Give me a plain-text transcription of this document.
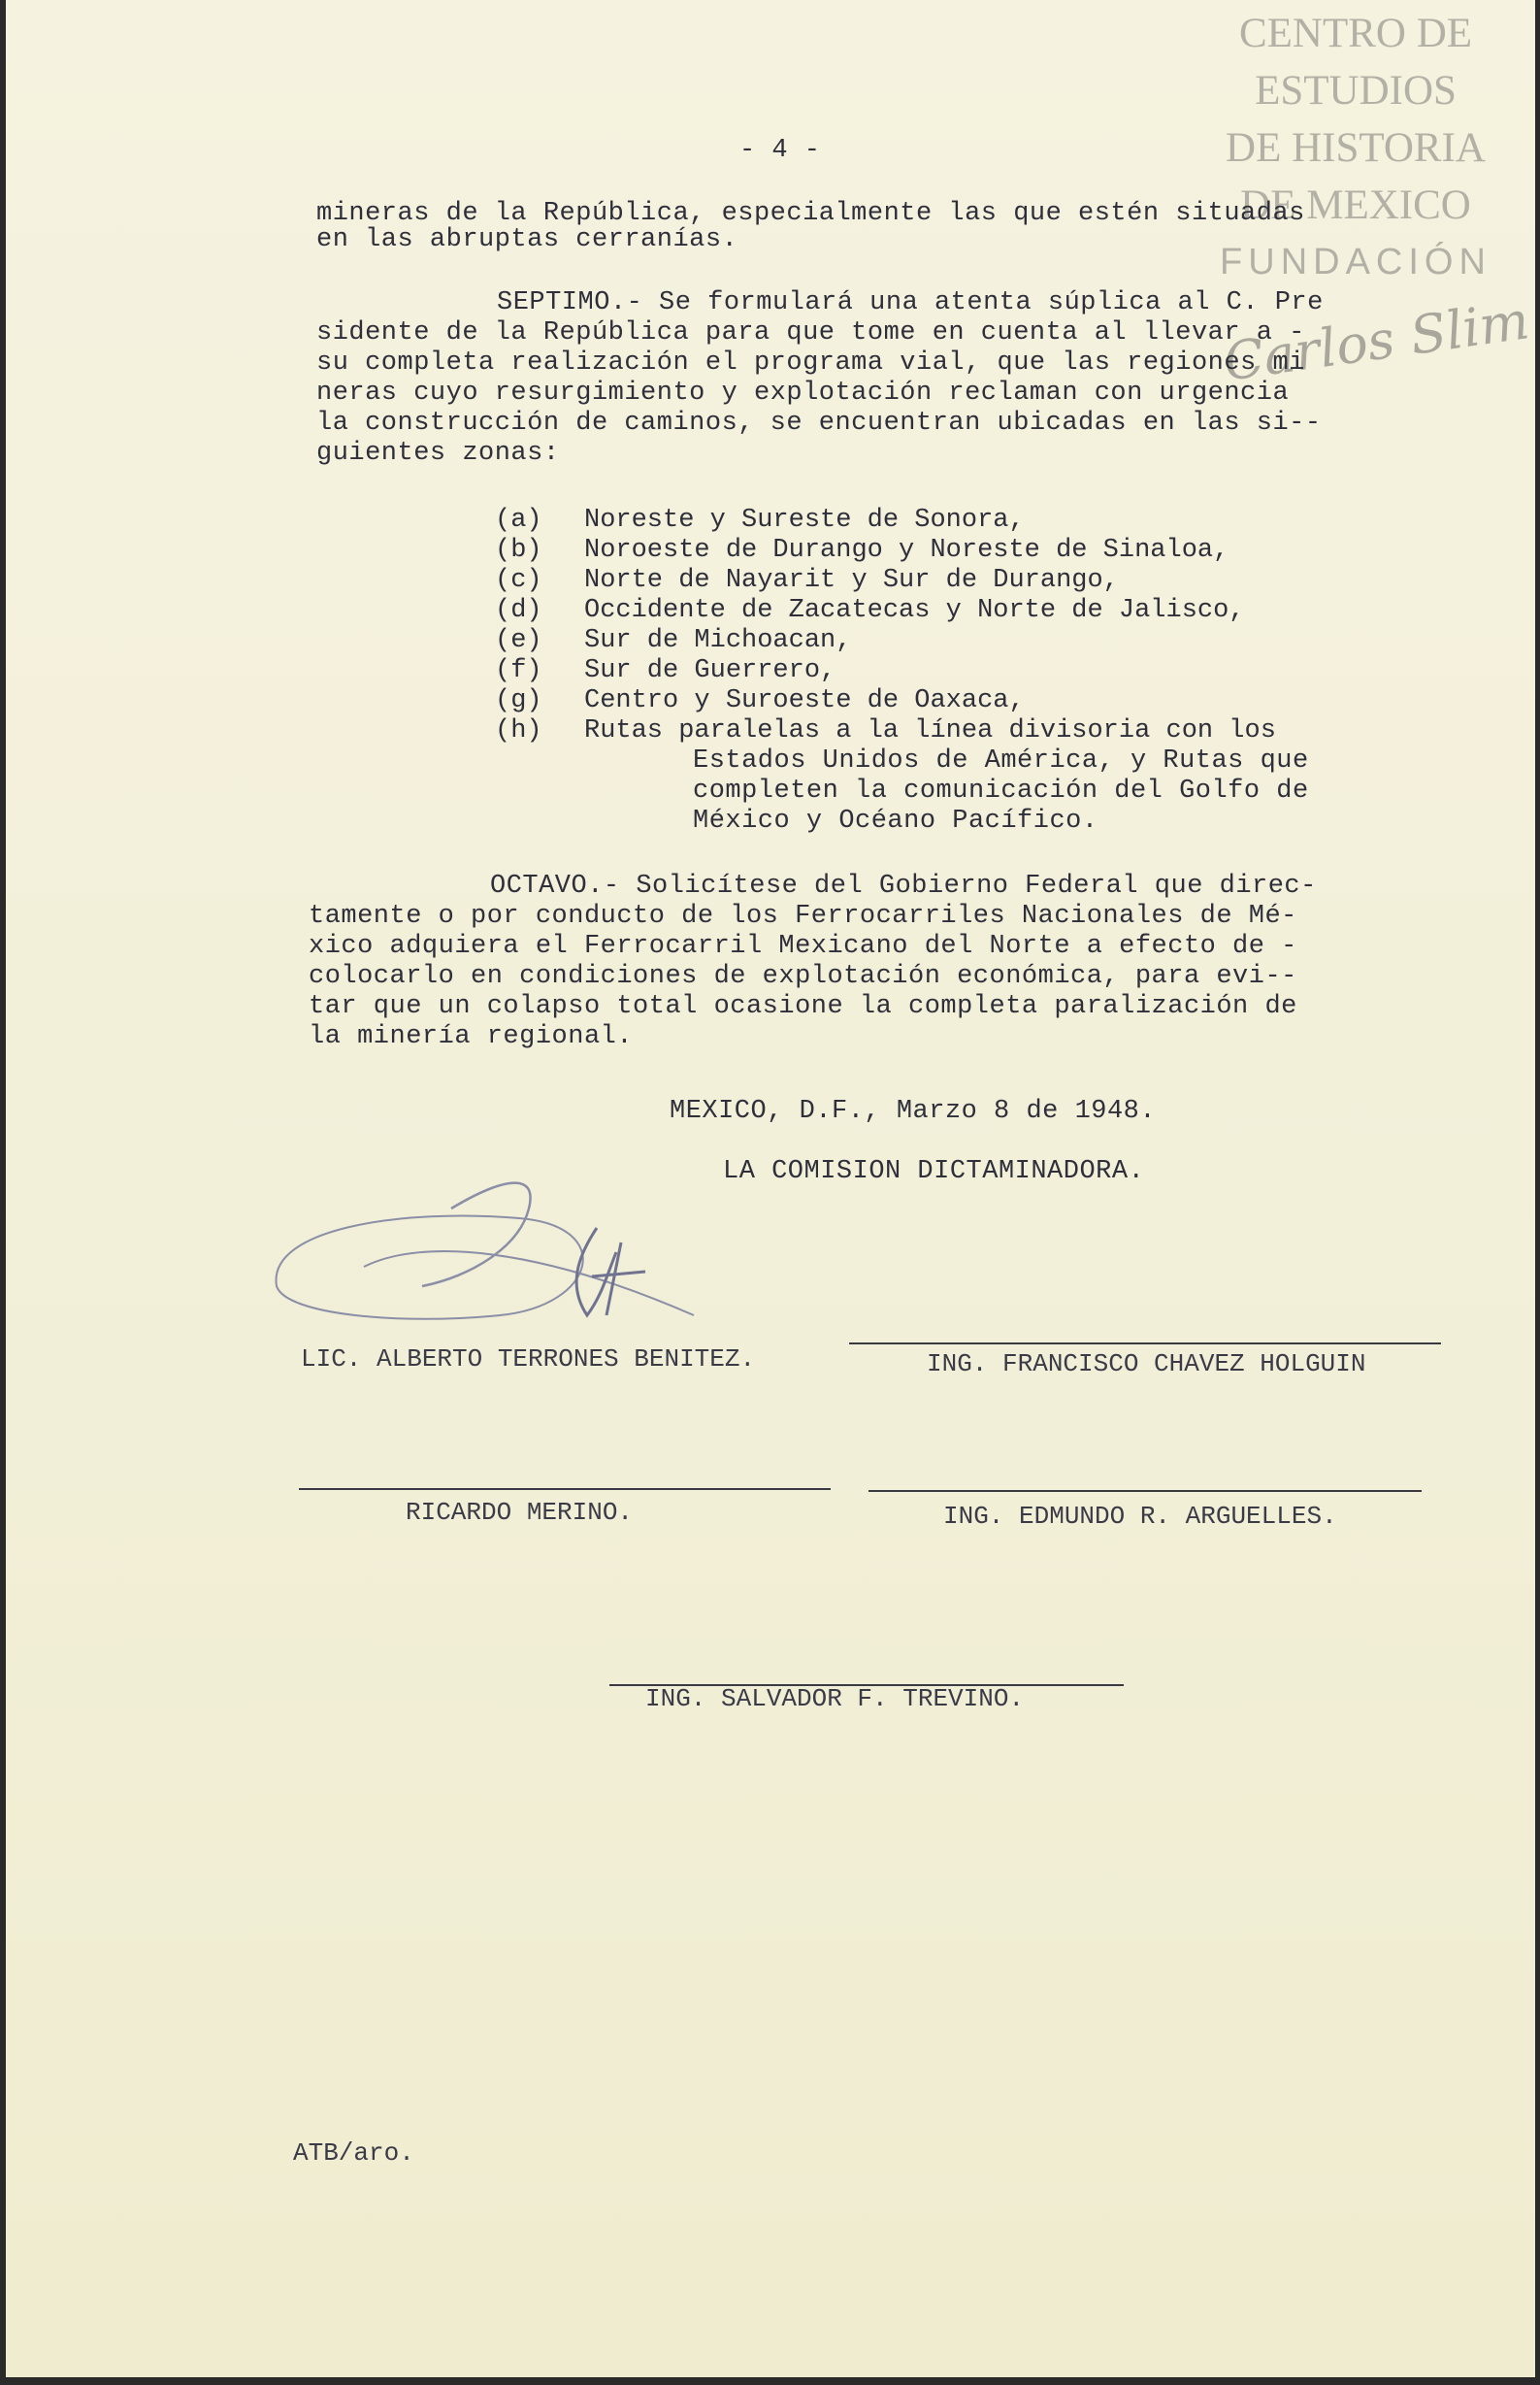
CENTRO DE
ESTUDIOS
DE HISTORIA
DE MEXICO
FUNDACIÓN
Carlos Slim
- 4 -
mineras de la República, especialmente las que estén situadas
en las abruptas cerranías.
SEPTIMO.- Se formulará una atenta súplica al C. Pre
sidente de la República para que tome en cuenta al llevar a -
su completa realización el programa vial, que las regiones mi
neras cuyo resurgimiento y explotación reclaman con urgencia
la construcción de caminos, se encuentran ubicadas en las si--
guientes zonas:
(a) Noreste y Sureste de Sonora,
(b) Noroeste de Durango y Noreste de Sinaloa,
(c) Norte de Nayarit y Sur de Durango,
(d) Occidente de Zacatecas y Norte de Jalisco,
(e) Sur de Michoacan,
(f) Sur de Guerrero,
(g) Centro y Suroeste de Oaxaca,
(h) Rutas paralelas a la línea divisoria con los
Estados Unidos de América, y Rutas que
completen la comunicación del Golfo de
México y Océano Pacífico.
OCTAVO.- Solicítese del Gobierno Federal que direc-
tamente o por conducto de los Ferrocarriles Nacionales de Mé-
xico adquiera el Ferrocarril Mexicano del Norte a efecto de -
colocarlo en condiciones de explotación económica, para evi--
tar que un colapso total ocasione la completa paralización de
la minería regional.
MEXICO, D.F., Marzo 8 de 1948.
LA COMISION DICTAMINADORA.
LIC. ALBERTO TERRONES BENITEZ.	ING. FRANCISCO CHAVEZ HOLGUIN
RICARDO MERINO.	ING. EDMUNDO R. ARGUELLES.
ING. SALVADOR F. TREVINO.
ATB/aro.
